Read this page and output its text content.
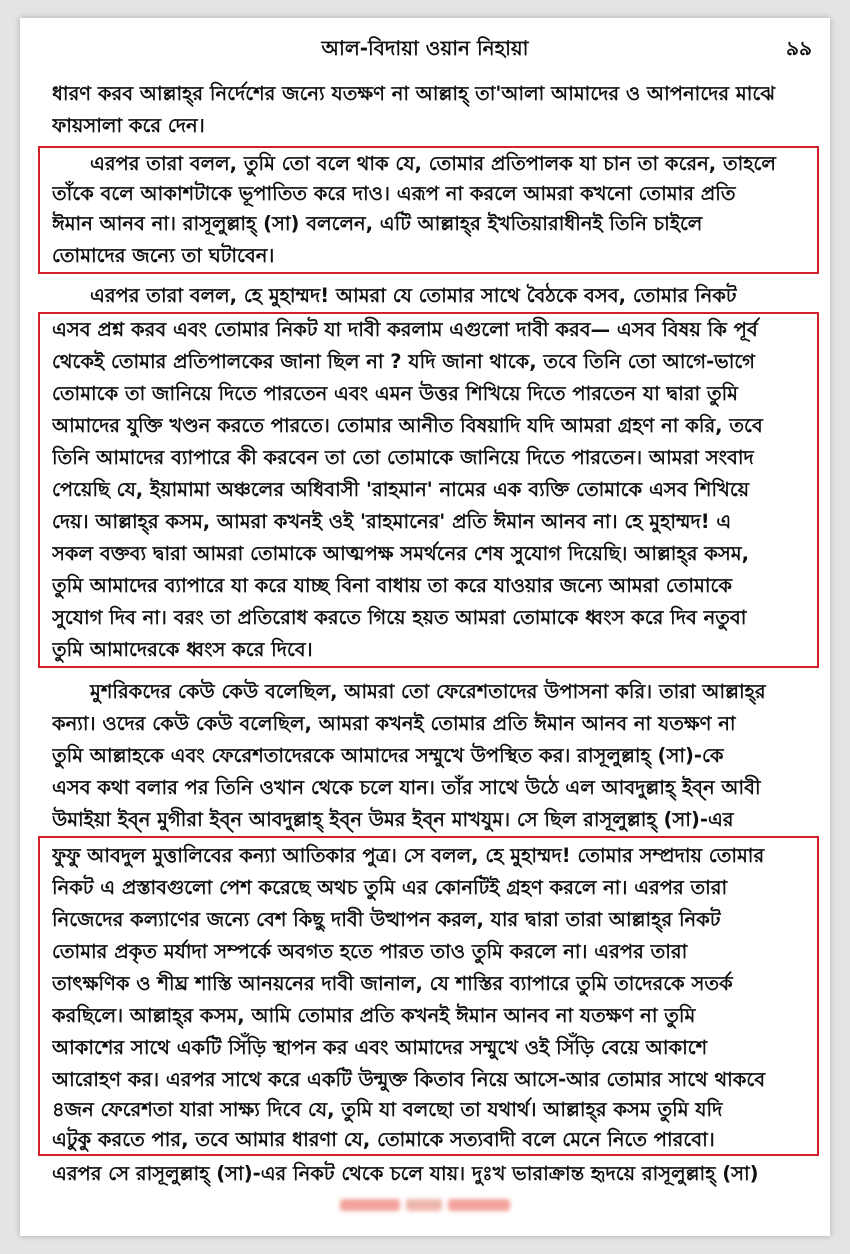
আল-বিদায়া ওয়ান নিহায়া	৯৯
ধারণ করব আল্লাহ্‌র নির্দেশের জন্যে যতক্ষণ না আল্লাহ্ তা'আলা আমাদের ও আপনাদের মাঝে
ফায়সালা করে দেন।
এরপর তারা বলল, তুমি তো বলে থাক যে, তোমার প্রতিপালক যা চান তা করেন, তাহলে
তাঁকে বলে আকাশটাকে ভূপাতিত করে দাও। এরূপ না করলে আমরা কখনো তোমার প্রতি
ঈমান আনব না। রাসূলুল্লাহ্ (সা) বললেন, এটি আল্লাহ্‌র ইখতিয়ারাধীনই তিনি চাইলে
তোমাদের জন্যে তা ঘটাবেন।
এরপর তারা বলল, হে মুহাম্মদ! আমরা যে তোমার সাথে বৈঠকে বসব, তোমার নিকট
এসব প্রশ্ন করব এবং তোমার নিকট যা দাবী করলাম এগুলো দাবী করব— এসব বিষয় কি পূর্ব
থেকেই তোমার প্রতিপালকের জানা ছিল না ? যদি জানা থাকে, তবে তিনি তো আগে-ভাগে
তোমাকে তা জানিয়ে দিতে পারতেন এবং এমন উত্তর শিখিয়ে দিতে পারতেন যা দ্বারা তুমি
আমাদের যুক্তি খণ্ডন করতে পারতে। তোমার আনীত বিষয়াদি যদি আমরা গ্রহণ না করি, তবে
তিনি আমাদের ব্যাপারে কী করবেন তা তো তোমাকে জানিয়ে দিতে পারতেন। আমরা সংবাদ
পেয়েছি যে, ইয়ামামা অঞ্চলের অধিবাসী 'রাহমান' নামের এক ব্যক্তি তোমাকে এসব শিখিয়ে
দেয়। আল্লাহ্‌র কসম, আমরা কখনই ওই 'রাহমানের' প্রতি ঈমান আনব না। হে মুহাম্মদ! এ
সকল বক্তব্য দ্বারা আমরা তোমাকে আত্মপক্ষ সমর্থনের শেষ সুযোগ দিয়েছি। আল্লাহ্‌র কসম,
তুমি আমাদের ব্যাপারে যা করে যাচ্ছ বিনা বাধায় তা করে যাওয়ার জন্যে আমরা তোমাকে
সুযোগ দিব না। বরং তা প্রতিরোধ করতে গিয়ে হয়ত আমরা তোমাকে ধ্বংস করে দিব নতুবা
তুমি আমাদেরকে ধ্বংস করে দিবে।
মুশরিকদের কেউ কেউ বলেছিল, আমরা তো ফেরেশতাদের উপাসনা করি। তারা আল্লাহ্‌র
কন্যা। ওদের কেউ কেউ বলেছিল, আমরা কখনই তোমার প্রতি ঈমান আনব না যতক্ষণ না
তুমি আল্লাহকে এবং ফেরেশতাদেরকে আমাদের সম্মুখে উপস্থিত কর। রাসূলুল্লাহ্ (সা)-কে
এসব কথা বলার পর তিনি ওখান থেকে চলে যান। তাঁর সাথে উঠে এল আবদুল্লাহ্ ইব্‌ন আবী
উমাইয়া ইব্‌ন মুগীরা ইব্‌ন আবদুল্লাহ্ ইব্‌ন উমর ইব্‌ন মাখযুম। সে ছিল রাসূলুল্লাহ্ (সা)-এর
ফুফু আবদুল মুত্তালিবের কন্যা আতিকার পুত্র। সে বলল, হে মুহাম্মদ! তোমার সম্প্রদায় তোমার
নিকট এ প্রস্তাবগুলো পেশ করেছে অথচ তুমি এর কোনটিই গ্রহণ করলে না। এরপর তারা
নিজেদের কল্যাণের জন্যে বেশ কিছু দাবী উত্থাপন করল, যার দ্বারা তারা আল্লাহ্‌র নিকট
তোমার প্রকৃত মর্যাদা সম্পর্কে অবগত হতে পারত তাও তুমি করলে না। এরপর তারা
তাৎক্ষণিক ও শীঘ্র শাস্তি আনয়নের দাবী জানাল, যে শাস্তির ব্যাপারে তুমি তাদেরকে সতর্ক
করছিলে। আল্লাহ্‌র কসম, আমি তোমার প্রতি কখনই ঈমান আনব না যতক্ষণ না তুমি
আকাশের সাথে একটি সিঁড়ি স্থাপন কর এবং আমাদের সম্মুখে ওই সিঁড়ি বেয়ে আকাশে
আরোহণ কর। এরপর সাথে করে একটি উন্মুক্ত কিতাব নিয়ে আসে-আর তোমার সাথে থাকবে
৪জন ফেরেশতা যারা সাক্ষ্য দিবে যে, তুমি যা বলছো তা যথার্থ। আল্লাহ্‌র কসম তুমি যদি
এটুকু করতে পার, তবে আমার ধারণা যে, তোমাকে সত্যবাদী বলে মেনে নিতে পারবো।
এরপর সে রাসূলুল্লাহ্ (সা)-এর নিকট থেকে চলে যায়। দুঃখ ভারাক্রান্ত হৃদয়ে রাসূলুল্লাহ্ (সা)
